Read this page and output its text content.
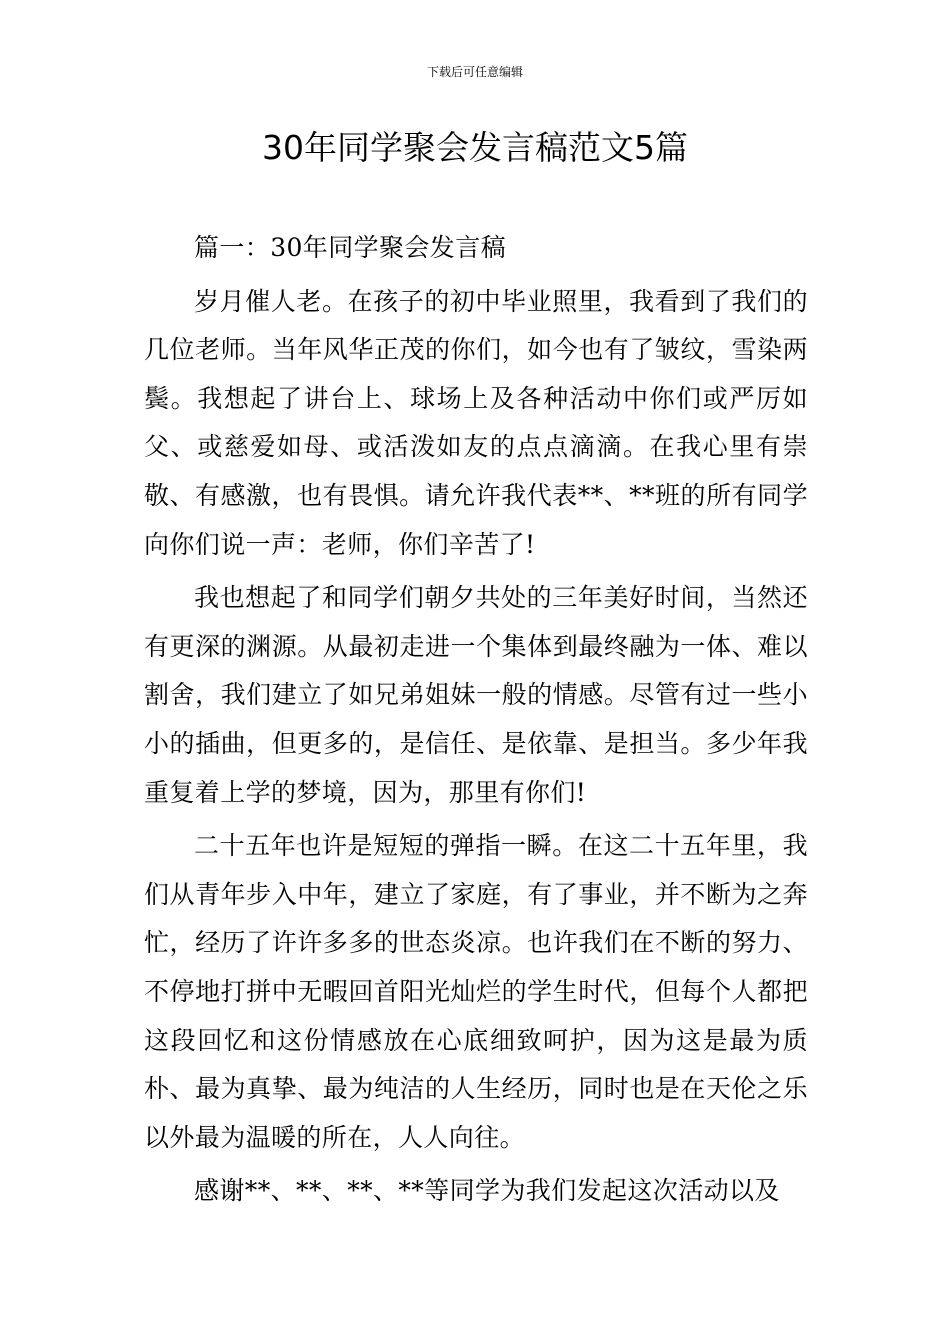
下载后可任意编辑
30年同学聚会发言稿范文5篇

篇一：30年同学聚会发言稿

岁月催人老。在孩子的初中毕业照里，我看到了我们的几位老师。当年风华正茂的你们，如今也有了皱纹，雪染两鬓。我想起了讲台上、球场上及各种活动中你们或严厉如父、或慈爱如母、或活泼如友的点点滴滴。在我心里有崇敬、有感激，也有畏惧。请允许我代表**、**班的所有同学向你们说一声：老师，你们辛苦了!

我也想起了和同学们朝夕共处的三年美好时间，当然还有更深的渊源。从最初走进一个集体到最终融为一体、难以割舍，我们建立了如兄弟姐妹一般的情感。尽管有过一些小小的插曲，但更多的，是信任、是依靠、是担当。多少年我重复着上学的梦境，因为，那里有你们!

二十五年也许是短短的弹指一瞬。在这二十五年里，我们从青年步入中年，建立了家庭，有了事业，并不断为之奔忙，经历了许许多多的世态炎凉。也许我们在不断的努力、不停地打拼中无暇回首阳光灿烂的学生时代，但每个人都把这段回忆和这份情感放在心底细致呵护，因为这是最为质朴、最为真挚、最为纯洁的人生经历，同时也是在天伦之乐以外最为温暖的所在，人人向往。

感谢**、**、**、**等同学为我们发起这次活动以及
